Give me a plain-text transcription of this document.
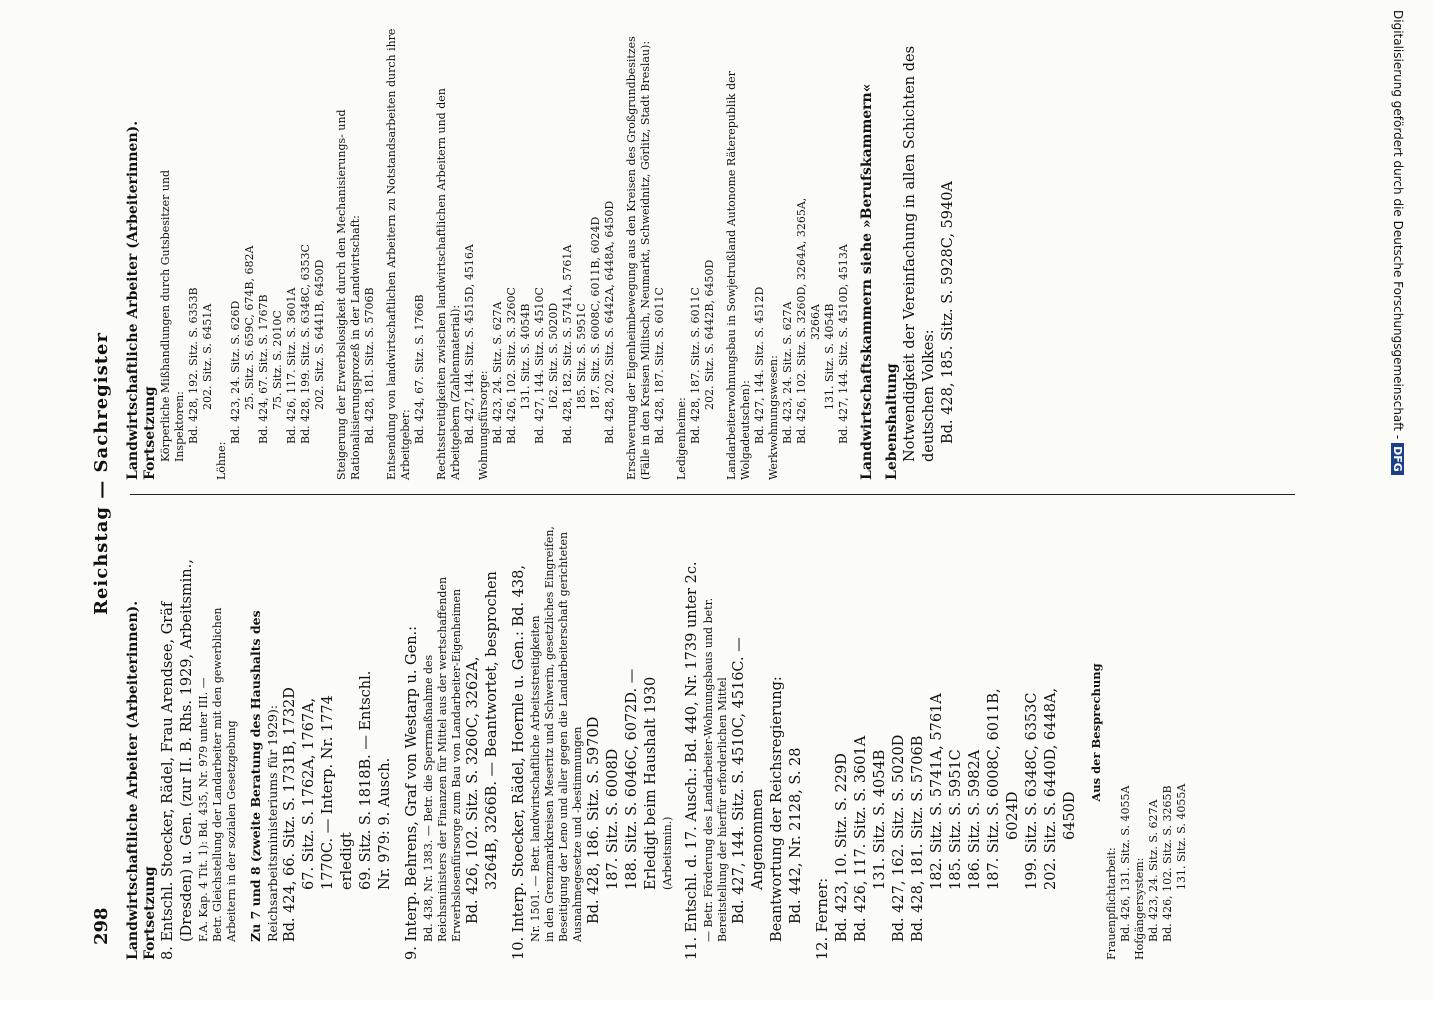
Digitalisierung gefördert durch die Deutsche Forschungsgemeinschaft -DFG
298
Reichstag — Sachregister
Landwirtschaftliche Arbeiter (Arbeiterinnen). Fortsetzung 8. Entschl. Stoecker, Rädel, Frau Arendsee, Gräf (Dresden) u. Gen. (zur II. B. Rhs. 1929, Arbeitsmin., F.A. Kap. 4 Tit. 1): Bd. 435, Nr. 979 unter III. — Betr. Gleichstellung der Landarbeiter mit den gewerblichen Arbeitern in der sozialen Gesetzgebung Zu 7 und 8 (zweite Beratung des Haushalts des Reichsarbeitsministeriums für 1929): Bd. 424, 66. Sitz. S. 1731B, 1732D 67. Sitz. S. 1762A, 1767A, 1770C. — Interp. Nr. 1774 erledigt 69. Sitz. S. 1818B. — Entschl. Nr. 979: 9. Ausch. 9. Interp. Behrens, Graf von Westarp u. Gen.: Bd. 438, Nr. 1383. — Betr. die Sperrmaßnahme des Reichsministers der Finanzen für Mittel aus der wertschaffenden Erwerbslosenfürsorge zum Bau von Landarbeiter-Eigenheimen Bd. 426, 102. Sitz. S. 3260C, 3262A, 3264B, 3266B. — Beantwortet, besprochen 10. Interp. Stoecker, Rädel, Hoernle u. Gen.: Bd. 438, Nr. 1501. — Betr. landwirtschaftliche Arbeitsstreitigkeiten in den Grenzmarkkreisen Meseritz und Schwerin, gesetzliches Eingreifen, Beseitigung der Leno und aller gegen die Landarbeiterschaft gerichteten Ausnahmegesetze und -bestimmungen Bd. 428, 186. Sitz. S. 5970D 187. Sitz. S. 6008D 188. Sitz. S. 6046C, 6072D. — Erledigt beim Haushalt 1930 (Arbeitsmin.) 11. Entschl. d. 17. Ausch.: Bd. 440, Nr. 1739 unter 2c. — Betr. Förderung des Landarbeiter-Wohnungsbaus und betr. Bereitstellung der hierfür erforderlichen Mittel Bd. 427, 144. Sitz. S. 4510C, 4516C. — Angenommen Beantwortung der Reichsregierung: Bd. 442, Nr. 2128, S. 28 12. Ferner: Bd. 423, 10. Sitz. S. 229D Bd. 426, 117. Sitz. S. 3601A 131. Sitz. S. 4054B Bd. 427, 162. Sitz. S. 5020D Bd. 428, 181. Sitz. S. 5706B 182. Sitz. S. 5741A, 5761A 185. Sitz. S. 5951C 186. Sitz. S. 5982A 187. Sitz. S. 6008C, 6011B, 6024D 199. Sitz. S. 6348C, 6353C 202. Sitz. S. 6440D, 6448A, 6450D
Aus der Besprechung
Frauenpflichtarbeit: Bd. 426, 131. Sitz. S. 4055A Hofgängersystem: Bd. 423, 24. Sitz. S. 627A Bd. 426, 102. Sitz. S. 3265B 131. Sitz. S. 4055A
Landwirtschaftliche Arbeiter (Arbeiterinnen). Fortsetzung Körperliche Mißhandlungen durch Gutsbesitzer und Inspektoren: Bd. 428, 192. Sitz. S. 6353B 202. Sitz. S. 6451A
Löhne:
Bd. 423, 24. Sitz. S. 626D 25. Sitz. S. 659C, 674B, 682A Bd. 424, 67. Sitz. S. 1767B 75. Sitz. S. 2010C Bd. 426, 117. Sitz. S. 3601A Bd. 428, 199. Sitz. S. 6348C, 6353C 202. Sitz. S. 6441B, 6450D Steigerung der Erwerbslosigkeit durch den Mechanisierungs- und Rationalisierungsprozeß in der Landwirtschaft: Bd. 428, 181. Sitz. S. 5706B Entsendung von landwirtschaftlichen Arbeitern zu Notstandsarbeiten durch ihre Arbeitgeber:
Bd. 424, 67. Sitz. S. 1766B Rechtsstreitigkeiten zwischen landwirtschaftlichen Arbeitern und den Arbeitgebern (Zahlenmaterial): Bd. 427, 144. Sitz. S. 4515D, 4516A Wohnungsfürsorge: Bd. 423, 24. Sitz. S. 627A Bd. 426, 102. Sitz. S. 3260C 131. Sitz. S. 4054B Bd. 427, 144. Sitz. S. 4510C 162. Sitz. S. 5020D Bd. 428, 182. Sitz. S. 5741A, 5761A 185. Sitz. S. 5951C 187. Sitz. S. 6008C, 6011B, 6024D Bd. 428, 202. Sitz. S. 6442A, 6448A, 6450D Erschwerung der Eigenheimbewegung aus den Kreisen des Großgrundbesitzes (Fälle in den Kreisen Militsch, Neumarkt, Schweidnitz, Görlitz, Stadt Breslau): Bd. 428, 187. Sitz. S. 6011C Ledigenheime: Bd. 428, 187. Sitz. S. 6011C 202. Sitz. S. 6442B, 6450D Landarbeiterwohnungsbau in Sowjetrußland Autonome Räterepublik der Wolgadeutschen): Bd. 427, 144. Sitz. S. 4512D Werkwohnungswesen: Bd. 423, 24. Sitz. S. 627A Bd. 426, 102. Sitz. S. 3260D, 3264A, 3265A, 3266A 131. Sitz. S. 4054B Bd. 427, 144. Sitz. S. 4510D, 4513A Landwirtschaftskammern siehe »Berufskammern« Lebenshaltung Notwendigkeit der Vereinfachung in allen Schichten des deutschen Volkes: Bd. 428, 185. Sitz. S. 5928C, 5940A
